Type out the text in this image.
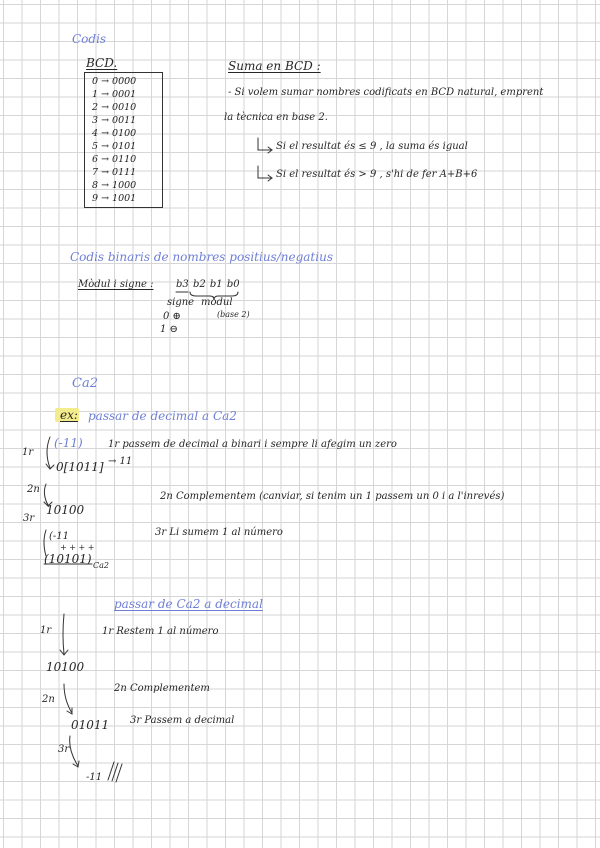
Codis
BCD.
0 → 0000
1 → 0001
2 → 0010
3 → 0011
4 → 0100
5 → 0101
6 → 0110
7 → 0111
8 → 1000
9 → 1001
Suma en BCD :
- Si volem sumar nombres codificats en BCD natural, emprent
la tècnica en base 2.
Si el resultat és ≤ 9 , la suma és igual
Si el resultat és > 9 , s'hi de fer A+B+6
Codis binaris de nombres positius/negatius
Mòdul i signe : b3 b2 b1 b0
signe mòdul
(base 2)
0 ⊕
1 ⊖
Ca2
ex: passar de decimal a Ca2
1r
(-11)	1r passem de decimal a binari i sempre li afegim un zero
0[1011] → 11
2n
2n Complementem (canviar, si tenim un 1 passem un 0 i a l'inrevés)
10100
3r
(-11
+ + + +
3r Li sumem 1 al número
(10101) Ca2
passar de Ca2 a decimal
1r	1r Restem 1 al número
10100
2n
2n Complementem
01011 3r Passem a decimal
3r
-11
